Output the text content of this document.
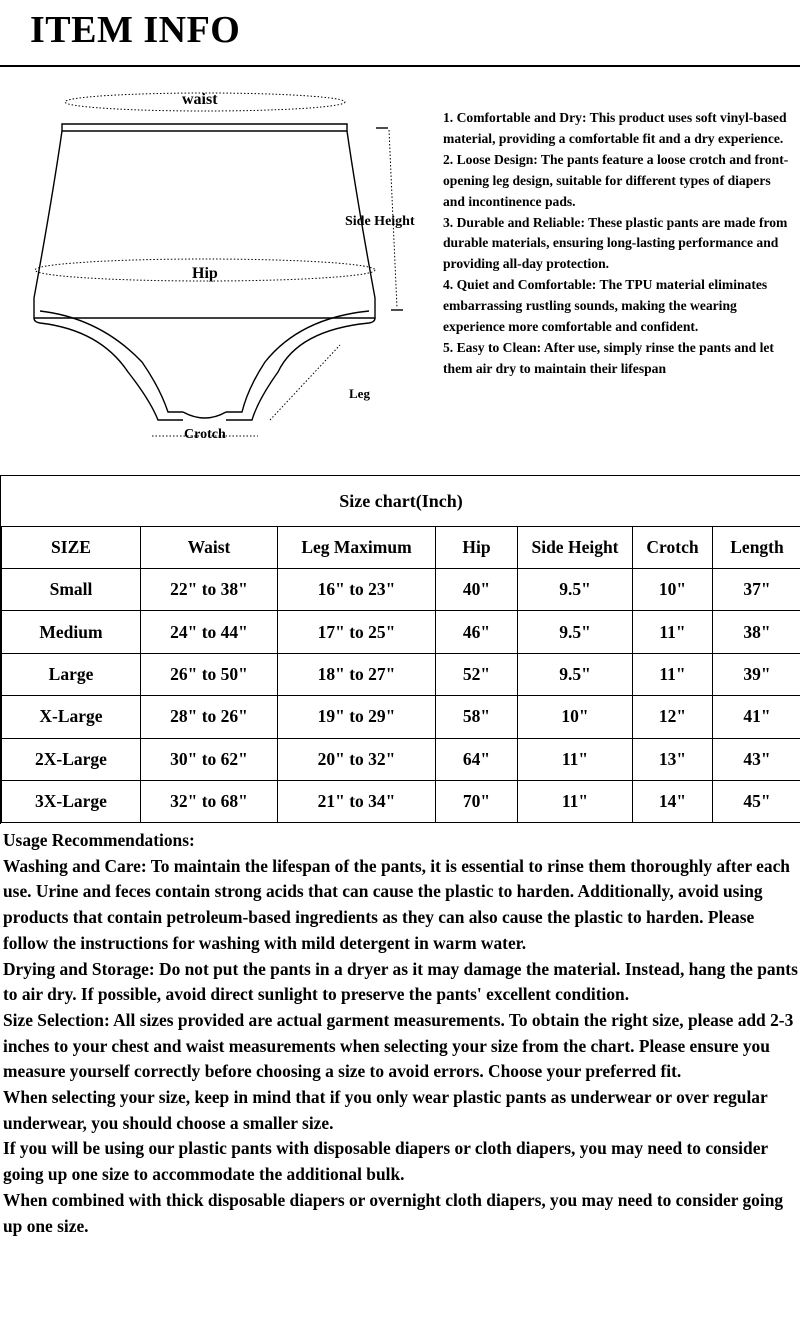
ITEM INFO
waist
Hip
Side Height
Leg
Crotch
1. Comfortable and Dry: This product uses soft vinyl-based material, providing a comfortable fit and a dry experience.
2. Loose Design: The pants feature a loose crotch and front-opening leg design, suitable for different types of diapers and incontinence pads.
3. Durable and Reliable: These plastic pants are made from durable materials, ensuring long-lasting performance and providing all-day protection.
4. Quiet and Comfortable: The TPU material eliminates embarrassing rustling sounds, making the wearing experience more comfortable and confident.
5. Easy to Clean: After use, simply rinse the pants and let them air dry to maintain their lifespan
Size chart(Inch)
SIZE	Waist	Leg Maximum	Hip	Side Height	Crotch	Length
Small	22" to 38"	16" to 23"	40"	9.5"	10"	37"
Medium	24" to 44"	17" to 25"	46"	9.5"	11"	38"
Large	26" to 50"	18" to 27"	52"	9.5"	11"	39"
X-Large	28" to 26"	19" to 29"	58"	10"	12"	41"
2X-Large	30" to 62"	20" to 32"	64"	11"	13"	43"
3X-Large	32" to 68"	21" to 34"	70"	11"	14"	45"

Usage Recommendations:

Washing and Care: To maintain the lifespan of the pants, it is essential to rinse them thoroughly after each use. Urine and feces contain strong acids that can cause the plastic to harden. Additionally, avoid using products that contain petroleum-based ingredients as they can also cause the plastic to harden. Please follow the instructions for washing with mild detergent in warm water.

Drying and Storage: Do not put the pants in a dryer as it may damage the material. Instead, hang the pants to air dry. If possible, avoid direct sunlight to preserve the pants' excellent condition.

Size Selection: All sizes provided are actual garment measurements. To obtain the right size, please add 2-3 inches to your chest and waist measurements when selecting your size from the chart. Please ensure you measure yourself correctly before choosing a size to avoid errors. Choose your preferred fit.

When selecting your size, keep in mind that if you only wear plastic pants as underwear or over regular underwear, you should choose a smaller size.

If you will be using our plastic pants with disposable diapers or cloth diapers, you may need to consider going up one size to accommodate the additional bulk.

When combined with thick disposable diapers or overnight cloth diapers, you may need to consider going up one size.
